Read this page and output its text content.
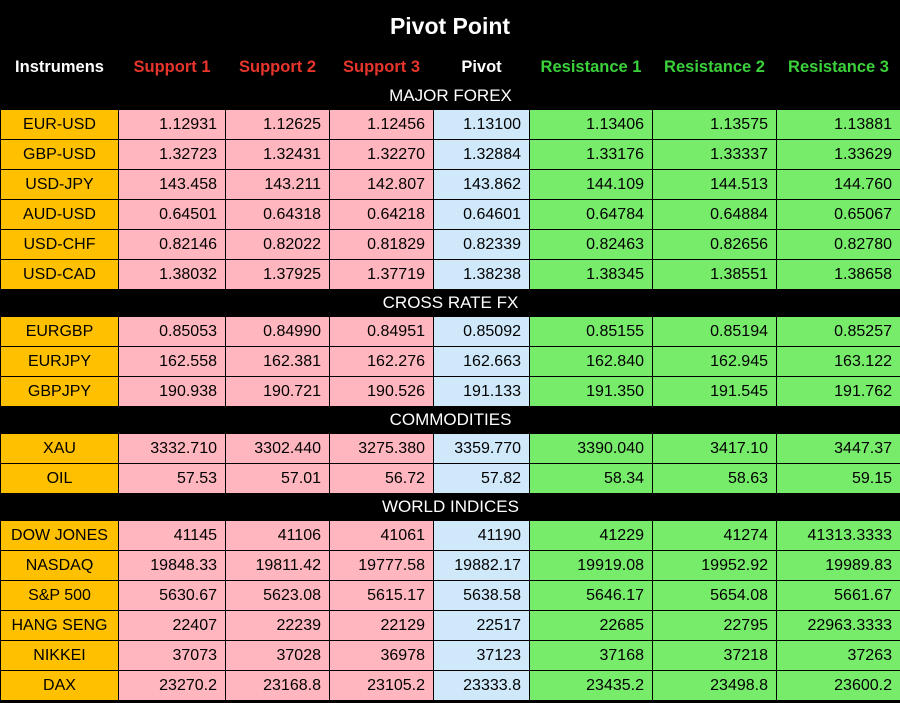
Pivot Point
Instrumens	Support 1	Support 2	Support 3	Pivot	Resistance 1	Resistance 2	Resistance 3
MAJOR FOREX							
EUR-USD	1.12931	1.12625	1.12456	1.13100	1.13406	1.13575	1.13881
GBP-USD	1.32723	1.32431	1.32270	1.32884	1.33176	1.33337	1.33629
USD-JPY	143.458	143.211	142.807	143.862	144.109	144.513	144.760
AUD-USD	0.64501	0.64318	0.64218	0.64601	0.64784	0.64884	0.65067
USD-CHF	0.82146	0.82022	0.81829	0.82339	0.82463	0.82656	0.82780
USD-CAD	1.38032	1.37925	1.37719	1.38238	1.38345	1.38551	1.38658
CROSS RATE FX							
EURGBP	0.85053	0.84990	0.84951	0.85092	0.85155	0.85194	0.85257
EURJPY	162.558	162.381	162.276	162.663	162.840	162.945	163.122
GBPJPY	190.938	190.721	190.526	191.133	191.350	191.545	191.762
COMMODITIES							
XAU	3332.710	3302.440	3275.380	3359.770	3390.040	3417.10	3447.37
OIL	57.53	57.01	56.72	57.82	58.34	58.63	59.15
WORLD INDICES							
DOW JONES	41145	41106	41061	41190	41229	41274	41313.3333
NASDAQ	19848.33	19811.42	19777.58	19882.17	19919.08	19952.92	19989.83
S&P 500	5630.67	5623.08	5615.17	5638.58	5646.17	5654.08	5661.67
HANG SENG	22407	22239	22129	22517	22685	22795	22963.3333
NIKKEI	37073	37028	36978	37123	37168	37218	37263
DAX	23270.2	23168.8	23105.2	23333.8	23435.2	23498.8	23600.2
